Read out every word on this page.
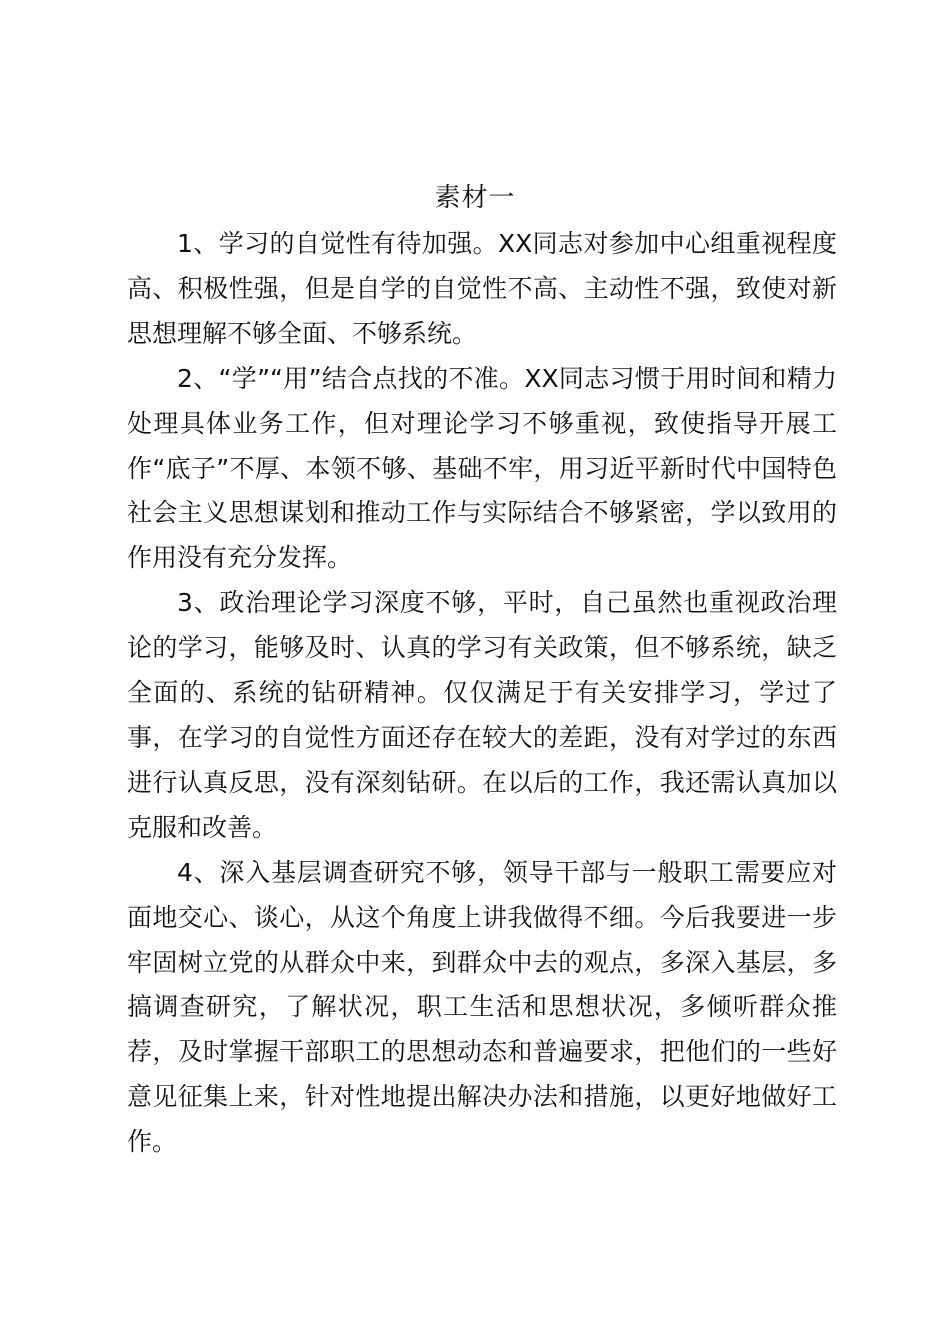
素材一

1、学习的自觉性有待加强。XX同志对参加中心组重视程度高、积极性强，但是自学的自觉性不高、主动性不强，致使对新思想理解不够全面、不够系统。

2、“学”“用”结合点找的不准。XX同志习惯于用时间和精力处理具体业务工作，但对理论学习不够重视，致使指导开展工作“底子”不厚、本领不够、基础不牢，用习近平新时代中国特色社会主义思想谋划和推动工作与实际结合不够紧密，学以致用的作用没有充分发挥。

3、政治理论学习深度不够，平时，自己虽然也重视政治理论的学习，能够及时、认真的学习有关政策，但不够系统，缺乏全面的、系统的钻研精神。仅仅满足于有关安排学习，学过了事，在学习的自觉性方面还存在较大的差距，没有对学过的东西进行认真反思，没有深刻钻研。在以后的工作，我还需认真加以克服和改善。

4、深入基层调查研究不够，领导干部与一般职工需要应对面地交心、谈心，从这个角度上讲我做得不细。今后我要进一步牢固树立党的从群众中来，到群众中去的观点，多深入基层，多搞调查研究，了解状况，职工生活和思想状况，多倾听群众推荐，及时掌握干部职工的思想动态和普遍要求，把他们的一些好意见征集上来，针对性地提出解决办法和措施，以更好地做好工作。
